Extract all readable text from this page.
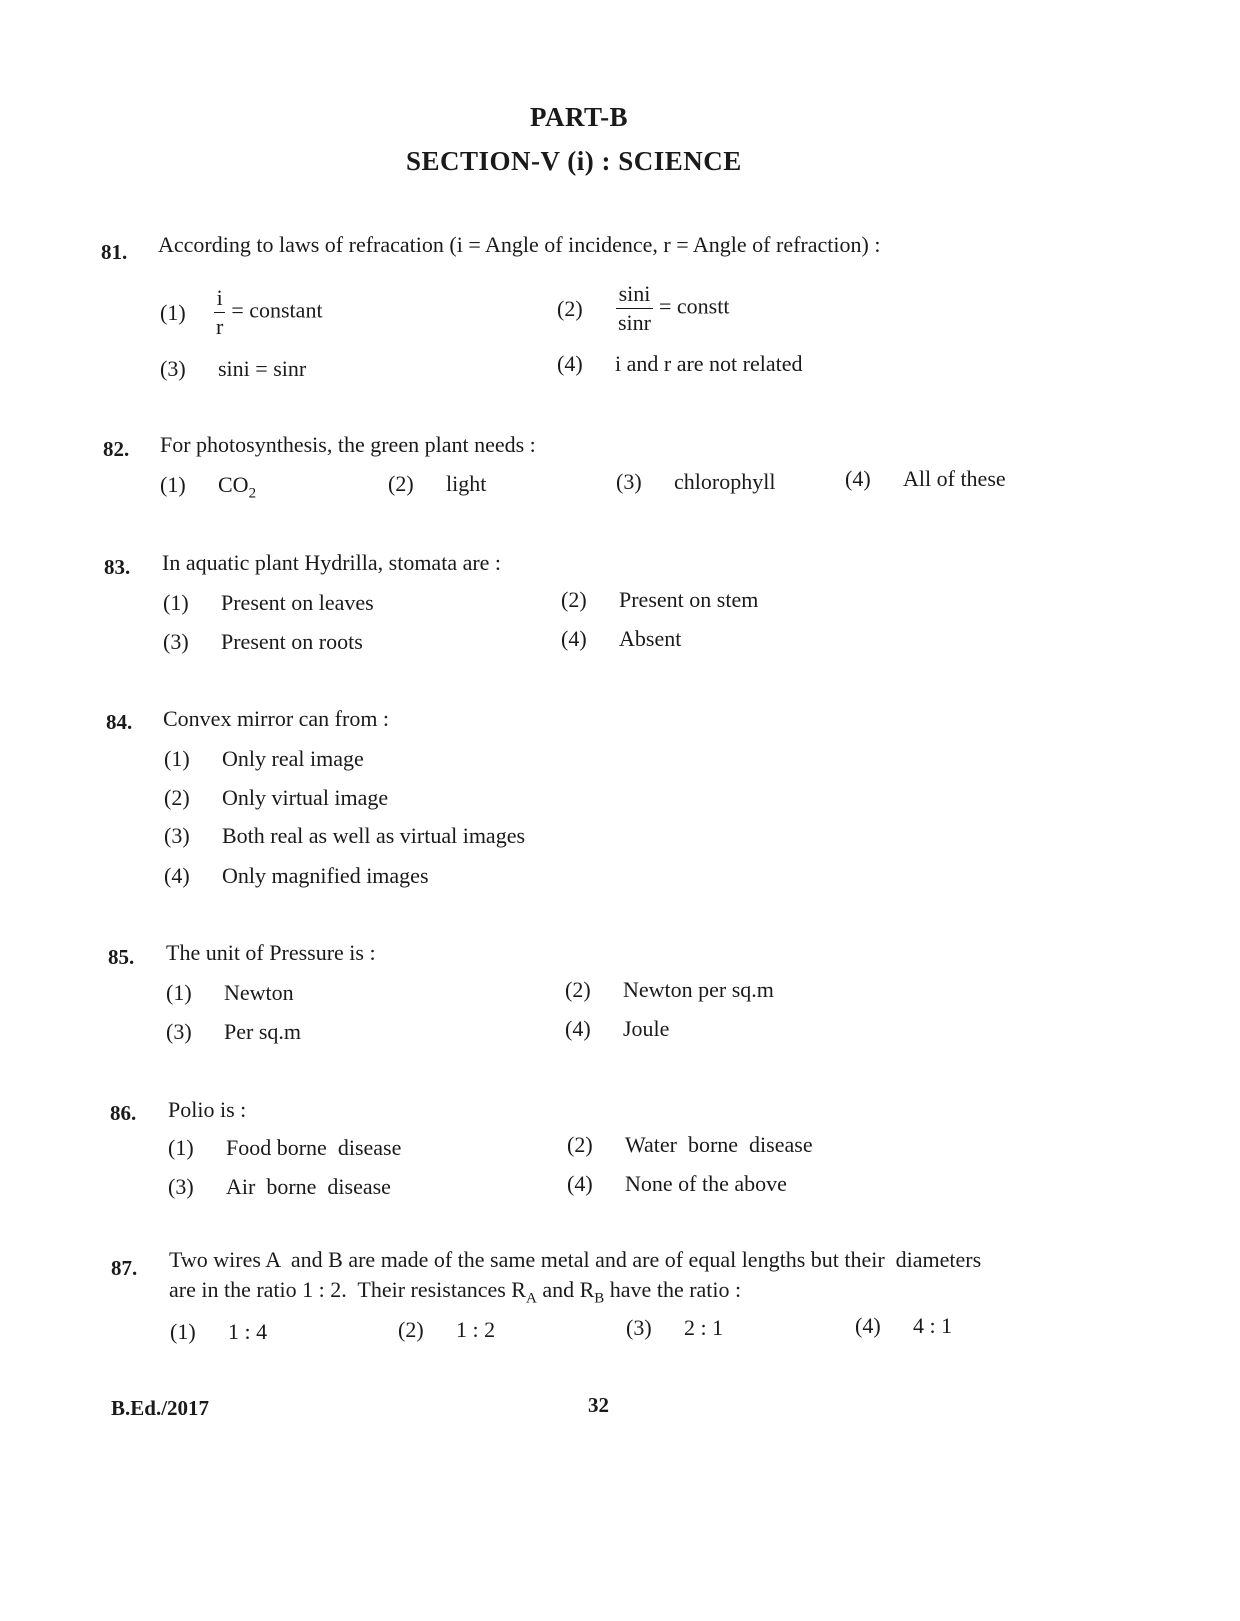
PART-B
SECTION-V (i) : SCIENCE
81. According to laws of refracation (i = Angle of incidence, r = Angle of refraction) :
$(1) \frac{i}{r}$ = constant	$(2) \frac{\sin i}{\sin r}$ = constt
(3) sini = sinr	(4) i and r are not related
82. For photosynthesis, the green plant needs :
(1) $CO_2$	(2) light	(3) chlorophyll	(4) All of these
83. In aquatic plant Hydrilla, stomata are :
(1) Present on leaves	(2) Present on stem
(3) Present on roots	(4) Absent
84. Convex mirror can from :
(1) Only real image
(2) Only virtual image
(3) Both real as well as virtual images
(4) Only magnified images
85. The unit of Pressure is :
(1) Newton	(2) Newton per sq.m
(3) Per sq.m	(4) Joule
86. Polio is :
(1) Food borne  disease	(2) Water  borne  disease
(3) Air  borne  disease	(4) None of the above
87. Two wires A  and B are made of the same metal and are of equal lengths but their  diameters
are in the ratio 1 : 2.  Their resistances $R_A$ and $R_B$ have the ratio :
(1) 1 : 4	(2) 1 : 2	(3) 2 : 1	(4) 4 : 1
B.Ed./2017	32
